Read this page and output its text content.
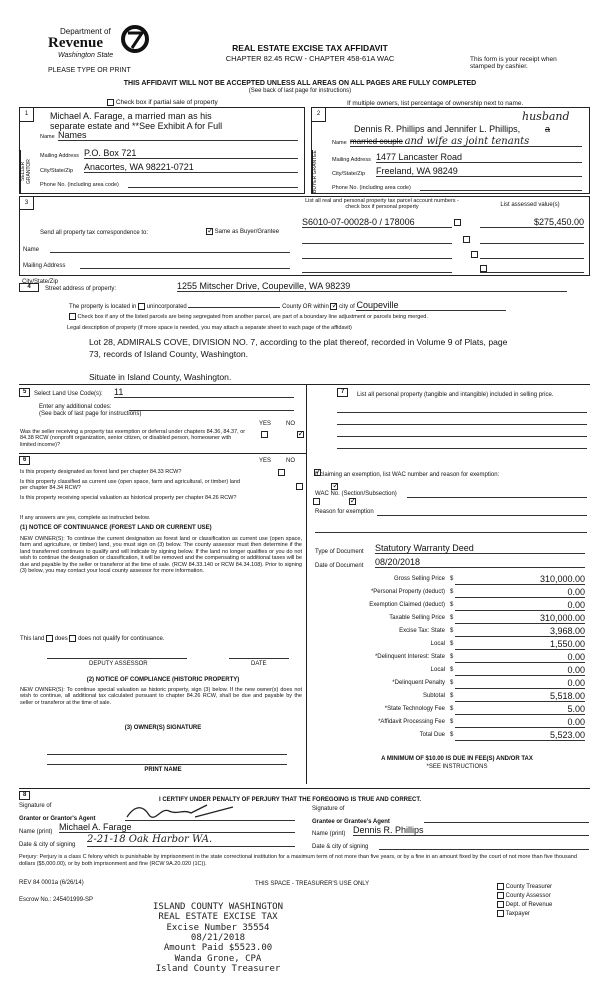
Department of
Revenue
Washington State
PLEASE TYPE OR PRINT
REAL ESTATE EXCISE TAX AFFIDAVIT
CHAPTER 82.45 RCW - CHAPTER 458-61A WAC	This form is your receipt when stamped by cashier.
THIS AFFIDAVIT WILL NOT BE ACCEPTED UNLESS ALL AREAS ON ALL PAGES ARE FULLY COMPLETED
(See back of last page for instructions)
Check box if partial sale of property	If multiple owners, list percentage of ownership next to name.
1
SELLER GRANTOR
Michael A. Farage, a married man as his
separate estate and **See Exhibit A for Full
Name Names
Mailing Address P.O. Box 721
City/State/Zip Anacortes, WA 98221-0721
Phone No. (including area code)
2
BUYER GRANTEE
husband
Dennis R. Phillips and Jennifer L. Phillips,	a
Name married couple and wife as joint tenants
Mailing Address 1477 Lancaster Road
City/State/Zip Freeland, WA 98249
Phone No. (including area code)
3
Send all property tax correspondence to: ✓	Same as Buyer/Grantee
List all real and personal property tax parcel account numbers - check box if personal property	List assessed value(s)
Name
Mailing Address
S6010-07-00028-0 / 178006
	$275,450.00

City/State/Zip
4	Street address of property:	1255 Mitscher Drive, Coupeville, WA 98239
The property is located in unincorporated	County OR within ✓ city of Coupeville
Check box if any of the listed parcels are being segregated from another parcel, are part of a boundary line adjustment or parcels being merged.
Legal description of property (if more space is needed, you may attach a separate sheet to each page of the affidavit)
Lot 28, ADMIRALS COVE, DIVISION NO. 7, according to the plat thereof, recorded in Volume 9 of Plats, page
73, records of Island County, Washington.
Situate in Island County, Washington.
5	Select Land Use Code(s): 11
Enter any additional codes:
(See back of last page for instructions)
YES NO
Was the seller receiving a property tax exemption or deferral under chapters 84.36, 84.37, or 84.38 RCW (nonprofit organization, senior citizen, or disabled person, homeowner with limited income)?
✓
6	YES NO
Is this property designated as forest land per chapter 84.33 RCW?
✓
Is this property classified as current use (open space, farm and agricultural, or timber) land per chapter 84.34 RCW?
✓
Is this property receiving special valuation as historical property per chapter 84.26 RCW?
✓
If any answers are yes, complete as instructed below.
(1) NOTICE OF CONTINUANCE (FOREST LAND OR CURRENT USE)
NEW OWNER(S): To continue the current designation as forest land or classification as current use (open space, farm and agriculture, or timber) land, you must sign on (3) below. The county assessor must then determine if the land transferred continues to qualify and will indicate by signing below. If the land no longer qualifies or you do not wish to continue the designation or classification, it will be removed and the compensating or additional taxes will be due and payable by the seller or transferor at the time of sale. (RCW 84.33.140 or RCW 84.34.108). Prior to signing (3) below, you may contact your local county assessor for more information.
This land does does not qualify for continuance.
DEPUTY ASSESSOR	DATE
(2) NOTICE OF COMPLIANCE (HISTORIC PROPERTY)
NEW OWNER(S): To continue special valuation as historic property, sign (3) below. If the new owner(s) does not wish to continue, all additional tax calculated pursuant to chapter 84.26 RCW, shall be due and payable by the seller or transferor at the time of sale.
(3) OWNER(S) SIGNATURE
PRINT NAME
7	List all personal property (tangible and intangible) included in selling price.
If claiming an exemption, list WAC number and reason for exemption:
WAC No. (Section/Subsection)
Reason for exemption
Type of Document Statutory Warranty Deed
Date of Document 08/20/2018
Gross Selling Price $	310,000.00
*Personal Property (deduct) $	0.00
Exemption Claimed (deduct) $	0.00
Taxable Selling Price $	310,000.00
Excise Tax: State $	3,968.00
Local $	1,550.00
*Delinquent Interest: State $	0.00
Local $	0.00
*Delinquent Penalty $	0.00
Subtotal $	5,518.00
*State Technology Fee $	5.00
*Affidavit Processing Fee $	0.00
Total Due $	5,523.00
A MINIMUM OF $10.00 IS DUE IN FEE(S) AND/OR TAX
*SEE INSTRUCTIONS
8
I CERTIFY UNDER PENALTY OF PERJURY THAT THE FOREGOING IS TRUE AND CORRECT.
Signature of
Grantor or Grantor's Agent
Name (print) Michael A. Farage
Date & city of signing 2-21-18 Oak Harbor WA.
Signature of
Grantee or Grantee's Agent
Name (print) Dennis R. Phillips
Date & city of signing
Perjury: Perjury is a class C felony which is punishable by imprisonment in the state correctional institution for a maximum term of not more than five years, or by a fine in an amount fixed by the court of not more than five thousand dollars ($5,000.00), or by both imprisonment and fine (RCW 9A.20.020 (1C)).
REV 84 0001a (6/26/14)	THIS SPACE - TREASURER'S USE ONLY
Escrow No.: 245401999-SP
County Treasurer
County Assessor
Dept. of Revenue
Taxpayer
ISLAND COUNTY WASHINGTON
REAL ESTATE EXCISE TAX
Excise Number 35554
08/21/2018
Amount Paid $5523.00
Wanda Grone, CPA
Island County Treasurer
